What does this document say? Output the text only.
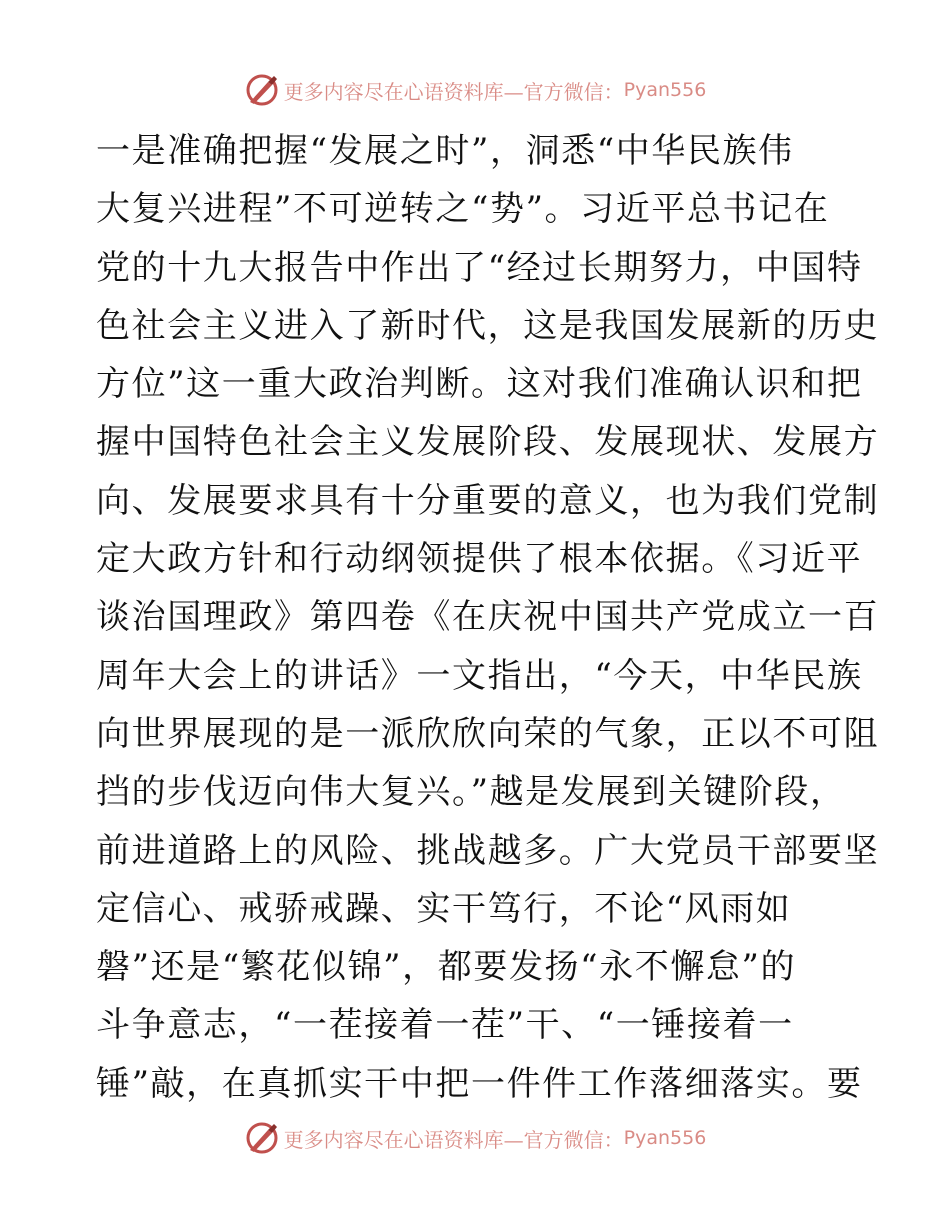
更多内容尽在心语资料库—官方微信： Pyan556
一是准确把握“发展之时”，洞悉“中华民族伟
大复兴进程”不可逆转之“势”。习近平总书记在
党的十九大报告中作出了“经过长期努力，中国特
色社会主义进入了新时代，这是我国发展新的历史
方位”这一重大政治判断。这对我们准确认识和把
握中国特色社会主义发展阶段、发展现状、发展方
向、发展要求具有十分重要的意义，也为我们党制
定大政方针和行动纲领提供了根本依据。《习近平
谈治国理政》第四卷《在庆祝中国共产党成立一百
周年大会上的讲话》一文指出，“今天，中华民族
向世界展现的是一派欣欣向荣的气象，正以不可阻
挡的步伐迈向伟大复兴。”越是发展到关键阶段，
前进道路上的风险、挑战越多。广大党员干部要坚
定信心、戒骄戒躁、实干笃行，不论“风雨如
磐”还是“繁花似锦”，都要发扬“永不懈怠”的
斗争意志，“一茬接着一茬”干、“一锤接着一
锤”敲，在真抓实干中把一件件工作落细落实。要
更多内容尽在心语资料库—官方微信： Pyan556
